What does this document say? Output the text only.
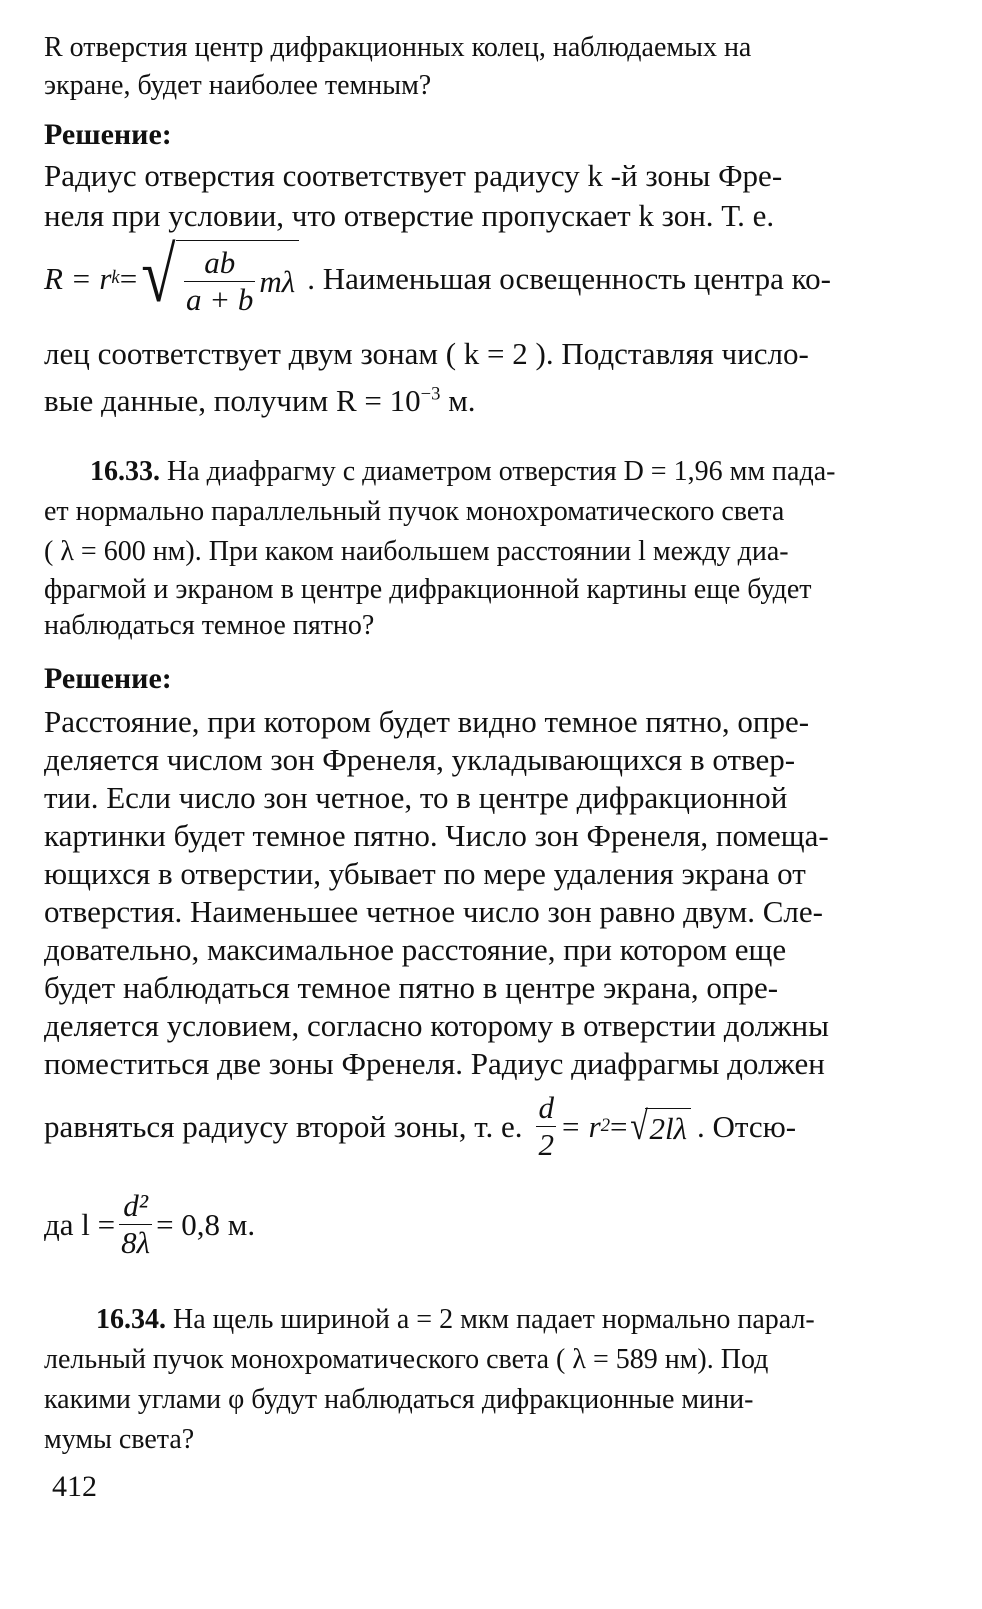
R отверстия центр дифракционных колец, наблюдаемых на
экране, будет наиболее темным?
Решение:
Радиус отверстия соответствует радиусу k -й зоны Фре-
неля при условии, что отверстие пропускает k зон. Т. е.
R = r k = √ $\frac{ab}{a + b}$ mλ . Наименьшая освещенность центра ко-
лец соответствует двум зонам ( k = 2 ). Подставляя число-
вые данные, получим $R = 10^{-3}$ м.
16.33. На диафрагму с диаметром отверстия D = 1,96 мм пада-
ет нормально параллельный пучок монохроматического света
( λ = 600 нм). При каком наибольшем расстоянии l между диа-
фрагмой и экраном в центре дифракционной картины еще будет
наблюдаться темное пятно?
Решение:
Расстояние, при котором будет видно темное пятно, опре-
деляется числом зон Френеля, укладывающихся в отвер-
тии. Если число зон четное, то в центре дифракционной
картинки будет темное пятно. Число зон Френеля, помеща-
ющихся в отверстии, убывает по мере удаления экрана от
отверстия. Наименьшее четное число зон равно двум. Сле-
довательно, максимальное расстояние, при котором еще
будет наблюдаться темное пятно в центре экрана, опре-
деляется условием, согласно которому в отверстии должны
поместиться две зоны Френеля. Радиус диафрагмы должен
равняться радиусу второй зоны, т. е. $\frac{d}{2} = r$ 2 = √ 2lλ . Отсю-
да $l = \frac{\text{d²}}{8\lambda} = 0,8$ м.
16.34. На щель шириной a = 2 мкм падает нормально парал-
лельный пучок монохроматического света ( λ = 589 нм). Под
какими углами φ будут наблюдаться дифракционные мини-
мумы света?
412
